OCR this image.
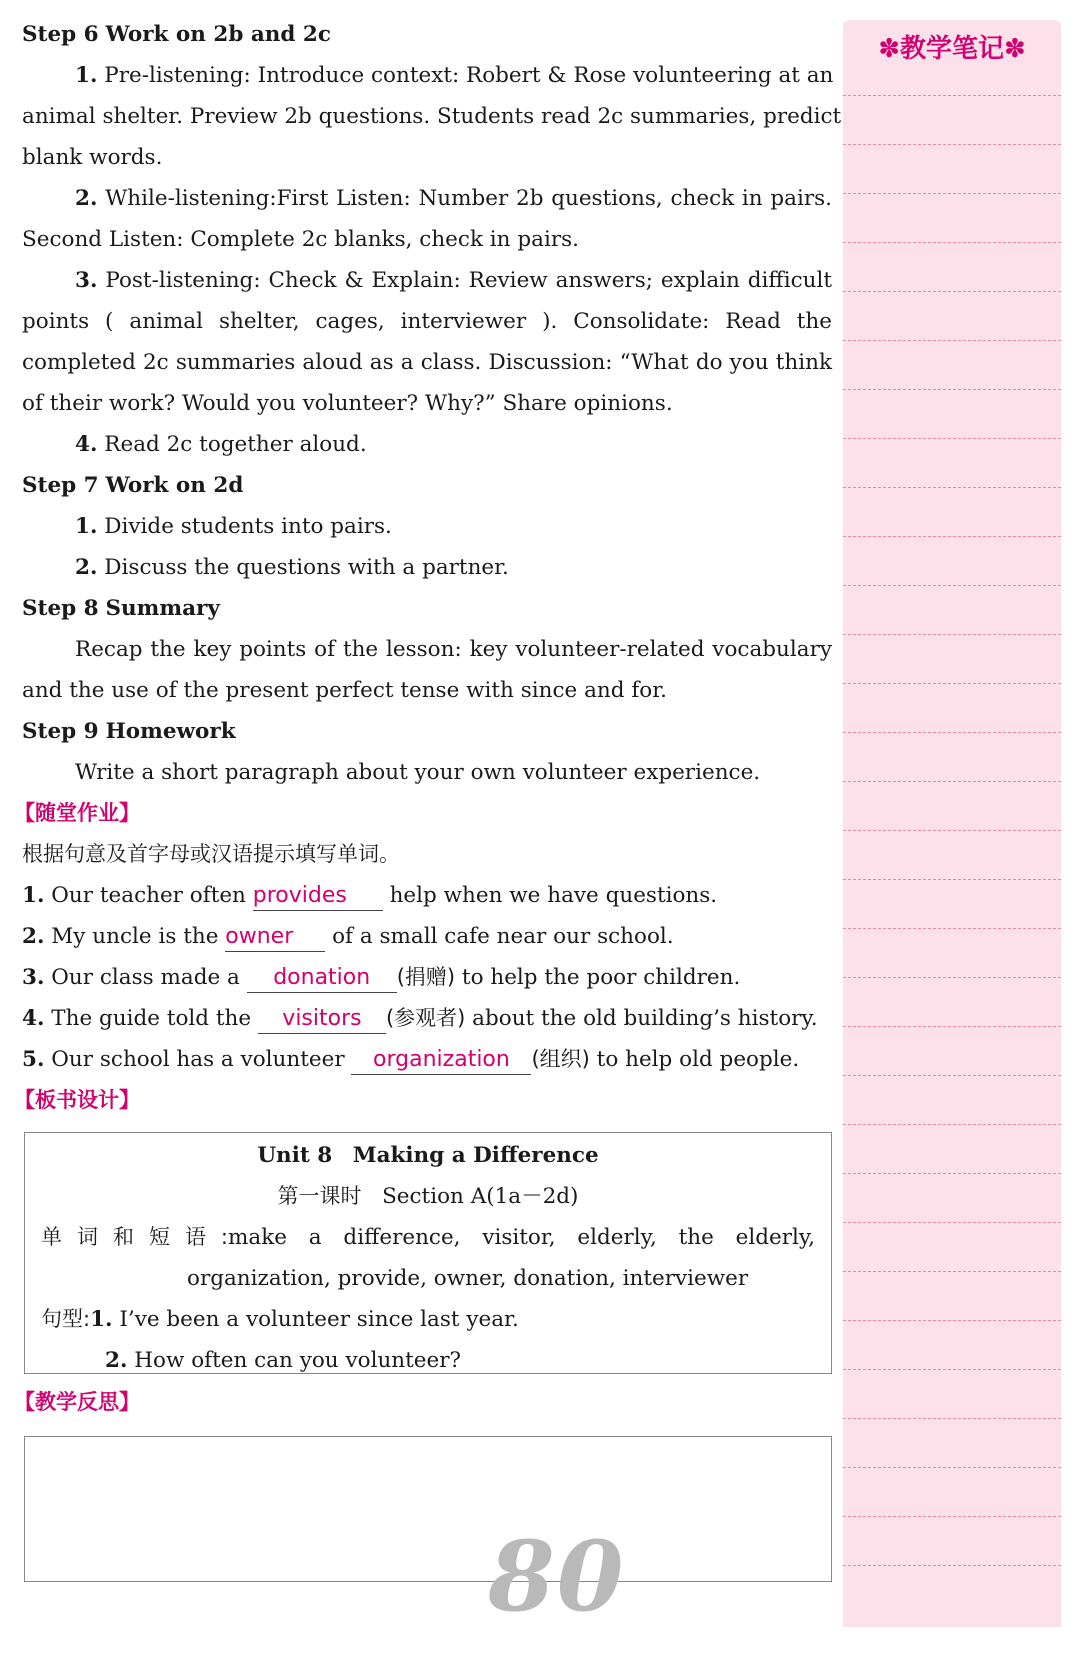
✽教学笔记✽
Step 6 Work on 2b and 2c
1. Pre-listening: Introduce context: Robert & Rose volunteering at an
animal shelter. Preview 2b questions. Students read 2c summaries, predict
blank words.
2. While-listening:First Listen: Number 2b questions, check in pairs.
Second Listen: Complete 2c blanks, check in pairs.
3. Post-listening: Check & Explain: Review answers; explain difficult
points ( animal shelter, cages, interviewer ). Consolidate: Read the
completed 2c summaries aloud as a class. Discussion: “What do you think
of their work? Would you volunteer? Why?” Share opinions.
4. Read 2c together aloud.
Step 7 Work on 2d
1. Divide students into pairs.
2. Discuss the questions with a partner.
Step 8 Summary
Recap the key points of the lesson: key volunteer-related vocabulary
and the use of the present perfect tense with since and for.
Step 9 Homework
Write a short paragraph about your own volunteer experience.
【随堂作业】
根据句意及首字母或汉语提示填写单词。
1. Our teacher often provides help when we have questions.
2. My uncle is the owner of a small cafe near our school.
3. Our class made a donation (捐赠) to help the poor children.
4. The guide told the visitors (参观者) about the old building’s history.
5. Our school has a volunteer organization (组织) to help old people.
【板书设计】
Unit 8 Making a Difference
第一课时 Section A(1a－2d)
单词和短语:make a difference, visitor, elderly, the elderly,
organization, provide, owner, donation, interviewer
句型:1. I’ve been a volunteer since last year.
2. How often can you volunteer?
【教学反思】
80
